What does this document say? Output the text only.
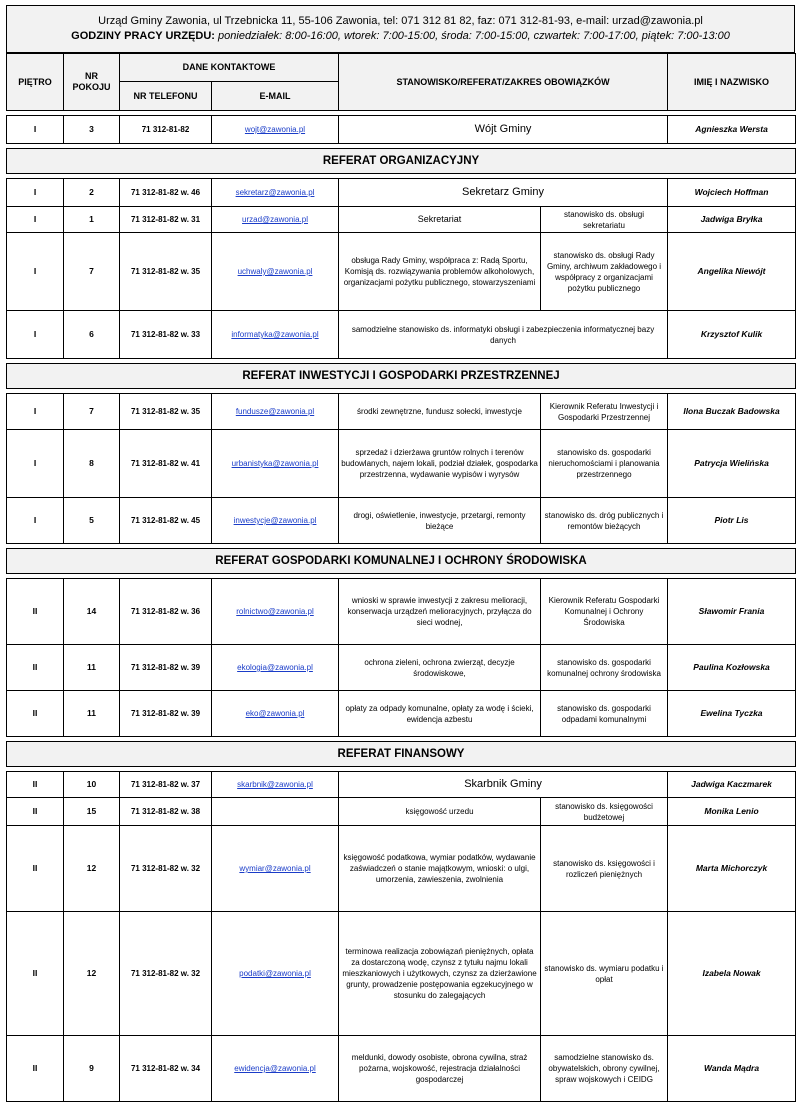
Urząd Gminy Zawonia, ul Trzebnicka 11, 55-106 Zawonia, tel: 071 312 81 82, faz: 071 312-81-93, e-mail: urzad@zawonia.pl
GODZINY PRACY URZĘDU: poniedziałek: 8:00-16:00, wtorek: 7:00-15:00, środa: 7:00-15:00, czwartek: 7:00-17:00, piątek: 7:00-13:00
PIĘTRO	NR POKOJU	DANE KONTAKTOWE		STANOWISKO/REFERAT/ZAKRES OBOWIĄZKÓW		IMIĘ I NAZWISKO
		NR TELEFONU	E-MAIL			

I	3	71 312-81-82	wojt@zawonia.pl	Wójt Gminy		Agnieszka Wersta

REFERAT ORGANIZACYJNY						

I	2	71 312-81-82 w. 46	sekretarz@zawonia.pl	Sekretarz Gminy		Wojciech Hoffman
I	1	71 312-81-82 w. 31	urzad@zawonia.pl	Sekretariat	stanowisko ds. obsługi sekretariatu	Jadwiga Bryłka
I	7	71 312-81-82 w. 35	uchwaly@zawonia.pl	obsługa Rady Gminy, współpraca z: Radą Sportu, Komisją ds. rozwiązywania problemów alkoholowych, organizacjami pożytku publicznego, stowarzyszeniami	stanowisko ds. obsługi Rady Gminy, archiwum zakładowego i współpracy z organizacjami pożytku publicznego	Angelika Niewójt
I	6	71 312-81-82 w. 33	informatyka@zawonia.pl	samodzielne stanowisko ds. informatyki obsługi i zabezpieczenia informatycznej bazy danych		Krzysztof Kulik

REFERAT INWESTYCJI I GOSPODARKI PRZESTRZENNEJ						

I	7	71 312-81-82 w. 35	fundusze@zawonia.pl	środki zewnętrzne, fundusz sołecki, inwestycje	Kierownik Referatu Inwestycji i Gospodarki Przestrzennej	Ilona Buczak Badowska
I	8	71 312-81-82 w. 41	urbanistyka@zawonia.pl	sprzedaż i dzierżawa gruntów rolnych i terenów budowlanych, najem lokali, podział działek, gospodarka przestrzenna, wydawanie wypisów i wyrysów	stanowisko ds. gospodarki nieruchomościami i planowania przestrzennego	Patrycja Wielińska
I	5	71 312-81-82 w. 45	inwestycje@zawonia.pl	drogi, oświetlenie, inwestycje, przetargi, remonty bieżące	stanowisko ds. dróg publicznych i remontów bieżących	Piotr Lis

REFERAT GOSPODARKI KOMUNALNEJ I OCHRONY ŚRODOWISKA						

II	14	71 312-81-82 w. 36	rolnictwo@zawonia.pl	wnioski w sprawie inwestycji z zakresu melioracji, konserwacja urządzeń melioracyjnych, przyłącza do sieci wodnej,	Kierownik Referatu Gospodarki Komunalnej i Ochrony Środowiska	Sławomir Frania
II	11	71 312-81-82 w. 39	ekologia@zawonia.pl	ochrona zieleni, ochrona zwierząt, decyzje środowiskowe,	stanowisko ds. gospodarki komunalnej ochrony środowiska	Paulina Kozłowska
II	11	71 312-81-82 w. 39	eko@zawonia.pl	opłaty za odpady komunalne, opłaty za wodę i ścieki, ewidencja azbestu	stanowisko ds. gospodarki odpadami komunalnymi	Ewelina Tyczka

REFERAT FINANSOWY						

II	10	71 312-81-82 w. 37	skarbnik@zawonia.pl	Skarbnik Gminy		Jadwiga Kaczmarek
II	15	71 312-81-82 w. 38		księgowość urzedu	stanowisko ds. księgowości budżetowej	Monika Lenio
II	12	71 312-81-82 w. 32	wymiar@zawonia.pl	księgowość podatkowa, wymiar podatków, wydawanie zaświadczeń o stanie majątkowym, wnioski: o ulgi, umorzenia, zawieszenia, zwolnienia	stanowisko ds. księgowości i rozliczeń pieniężnych	Marta Michorczyk
II	12	71 312-81-82 w. 32	podatki@zawonia.pl	terminowa realizacja zobowiązań pieniężnych, opłata za dostarczoną wodę, czynsz z tytułu najmu lokali mieszkaniowych i użytkowych, czynsz za dzierżawione grunty, prowadzenie postępowania egzekucyjnego w stosunku do zalegających	stanowisko ds. wymiaru podatku i opłat	Izabela Nowak
II	9	71 312-81-82 w. 34	ewidencja@zawonia.pl	meldunki, dowody osobiste, obrona cywilna, straż pożarna, wojskowość, rejestracja działalności gospodarczej	samodzielne stanowisko ds. obywatelskich, obrony cywilnej, spraw wojskowych i CEIDG	Wanda Mądra
